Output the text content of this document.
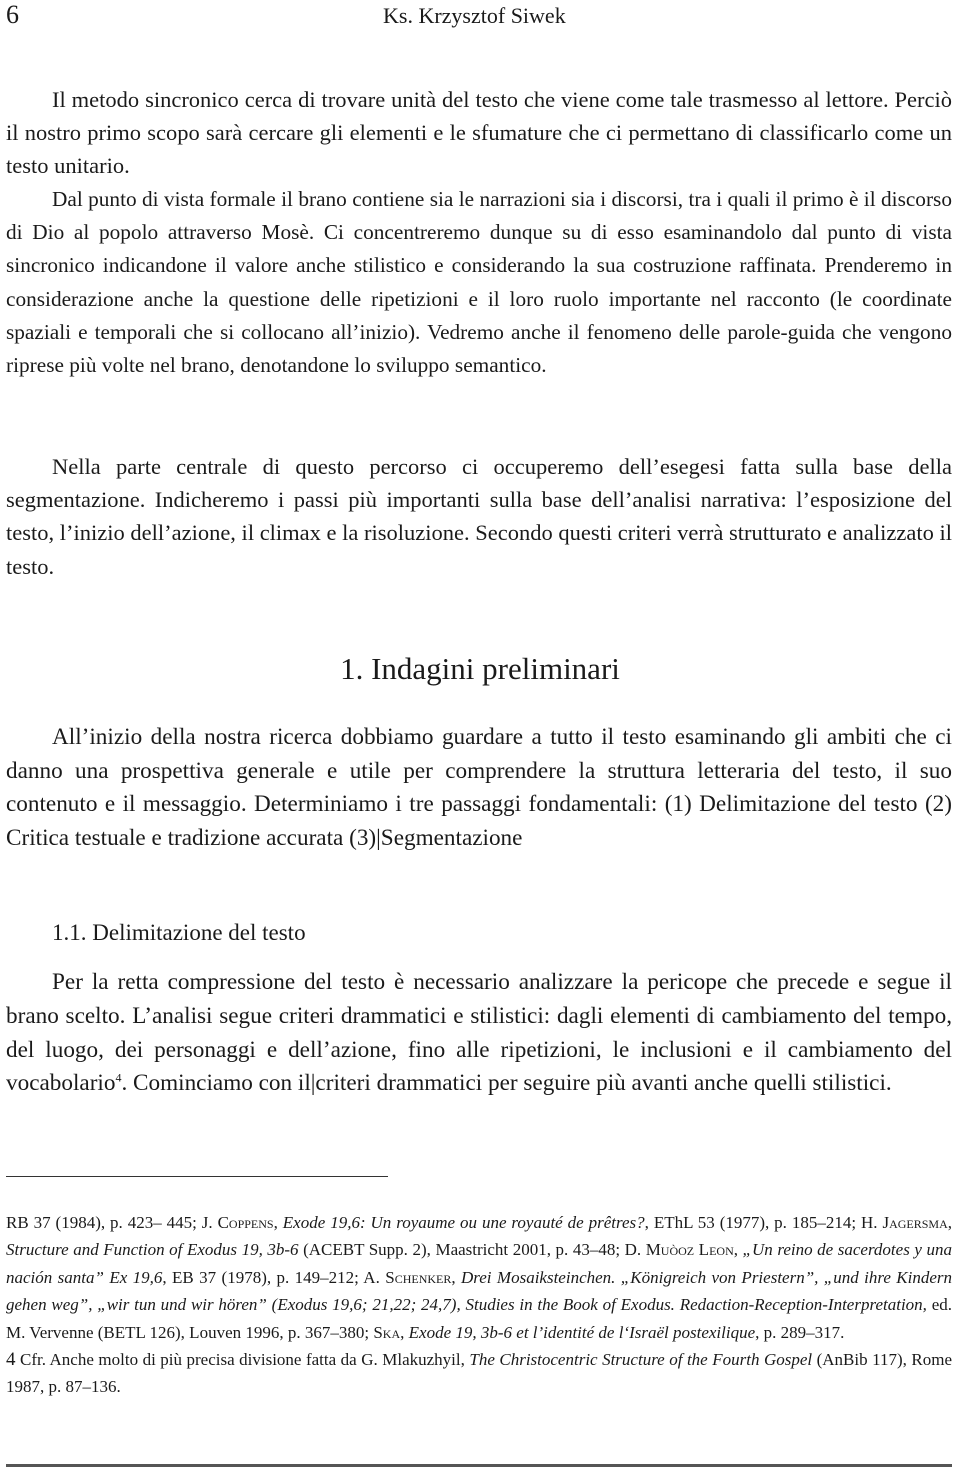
6	Ks. Krzysztof Siwek

Il metodo sincronico cerca di trovare unità del testo che viene come tale trasmesso al lettore. Perciò il nostro primo scopo sarà cercare gli elementi e le sfumature che ci permettano di classificarlo come un testo unitario.

Dal punto di vista formale il brano contiene sia le narrazioni sia i discorsi, tra i quali il primo è il discorso di Dio al popolo attraverso Mosè. Ci concentreremo dunque su di esso esaminandolo dal punto di vista sincronico indicandone il valore anche stilistico e considerando la sua costruzione raffinata. Prenderemo in considerazione anche la questione delle ripetizioni e il loro ruolo importante nel racconto (le coordinate spaziali e temporali che si collocano all’inizio). Vedremo anche il fenomeno delle parole-guida che vengono riprese più volte nel brano, denotandone lo sviluppo semantico.

Nella parte centrale di questo percorso ci occuperemo dell’esegesi fatta sulla base della segmentazione. Indicheremo i passi più importanti sulla base dell’analisi narrativa: l’esposizione del testo, l’inizio dell’azione, il climax e la risoluzione. Secondo questi criteri verrà strutturato e analizzato il testo.

1. Indagini preliminari

All’inizio della nostra ricerca dobbiamo guardare a tutto il testo esaminando gli ambiti che ci danno una prospettiva generale e utile per comprendere la struttura letteraria del testo, il suo contenuto e il messaggio. Determiniamo i tre passaggi fondamentali: (1) Delimitazione del testo (2) Critica testuale e tradizione accurata (3)|Segmentazione

1.1. Delimitazione del testo

Per la retta compressione del testo è necessario analizzare la pericope che precede e segue il brano scelto. L’analisi segue criteri drammatici e stilistici: dagli elementi di cambiamento del tempo, del luogo, dei personaggi e dell’azione, fino alle ripetizioni, le inclusioni e il cambiamento del vocabolario$^4$. Cominciamo con il|criteri drammatici per seguire più avanti anche quelli stilistici.

RB 37 (1984), p. 423– 445; J. Coppens, Exode 19,6: Un royaume ou une royauté de prêtres?, EThL 53 (1977), p. 185–214; H. Jagersma, Structure and Function of Exodus 19, 3b-6 (ACEBT Supp. 2), Maastricht 2001, p. 43–48; D. Muòoz Leon, „Un reino de sacerdotes y una nación santa” Ex 19,6, EB 37 (1978), p. 149–212; A. Schenker, Drei Mosaiksteinchen. „Königreich von Priestern”, „und ihre Kindern gehen weg”, „wir tun und wir hören” (Exodus 19,6; 21,22; 24,7), Studies in the Book of Exodus. Redaction-Reception-Interpretation, ed. M. Vervenne (BETL 126), Louven 1996, p. 367–380; Ska, Exode 19, 3b-6 et l’identité de l‘Israël postexilique, p. 289–317.

4 Cfr. Anche molto di più precisa divisione fatta da G. Mlakuzhyil, The Christocentric Structure of the Fourth Gospel (AnBib 117), Rome 1987, p. 87–136.
